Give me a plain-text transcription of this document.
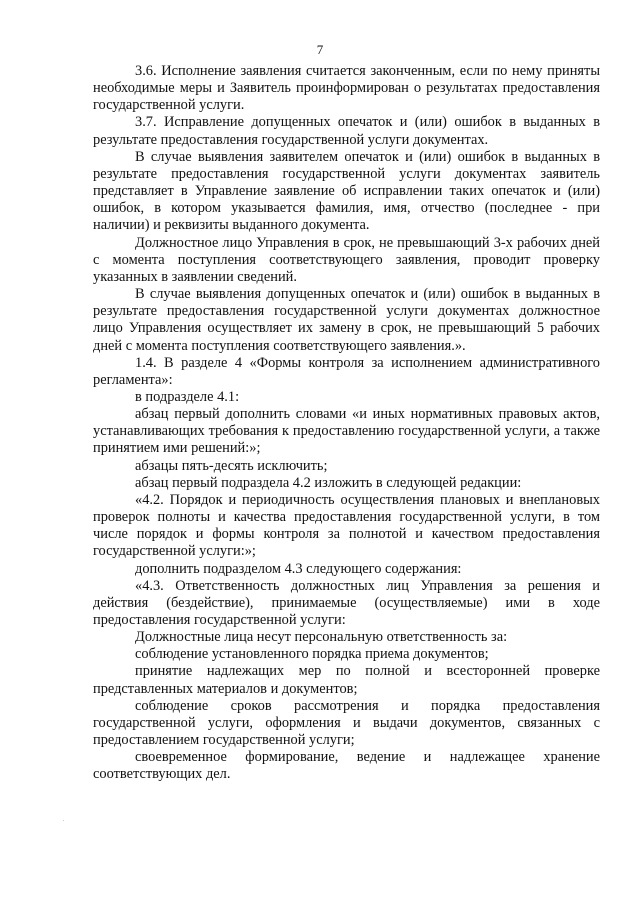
7

3.6. Исполнение заявления считается законченным, если по нему приняты необходимые меры и Заявитель проинформирован о результатах предоставления государственной услуги.

3.7. Исправление допущенных опечаток и (или) ошибок в выданных в результате предоставления государственной услуги документах.

В случае выявления заявителем опечаток и (или) ошибок в выданных в результате предоставления государственной услуги документах заявитель представляет в Управление заявление об исправлении таких опечаток и (или) ошибок, в котором указывается фамилия, имя, отчество (последнее - при наличии) и реквизиты выданного документа.

Должностное лицо Управления в срок, не превышающий 3-х рабочих дней с момента поступления соответствующего заявления, проводит проверку указанных в заявлении сведений.

В случае выявления допущенных опечаток и (или) ошибок в выданных в результате предоставления государственной услуги документах должностное лицо Управления осуществляет их замену в срок, не превышающий 5 рабочих дней с момента поступления соответствующего заявления.».

1.4. В разделе 4 «Формы контроля за исполнением административного регламента»:

в подразделе 4.1:

абзац первый дополнить словами «и иных нормативных правовых актов, устанавливающих требования к предоставлению государственной услуги, а также принятием ими решений:»;

абзацы пять-десять исключить;

абзац первый подраздела 4.2 изложить в следующей редакции:

«4.2. Порядок и периодичность осуществления плановых и внеплановых проверок полноты и качества предоставления государственной услуги, в том числе порядок и формы контроля за полнотой и качеством предоставления государственной услуги:»;

дополнить подразделом 4.3 следующего содержания:

«4.3. Ответственность должностных лиц Управления за решения и действия (бездействие), принимаемые (осуществляемые) ими в ходе предоставления государственной услуги:

Должностные лица несут персональную ответственность за:

соблюдение установленного порядка приема документов;

принятие надлежащих мер по полной и всесторонней проверке представленных материалов и документов;

соблюдение сроков рассмотрения и порядка предоставления государственной услуги, оформления и выдачи документов, связанных с предоставлением государственной услуги;

своевременное формирование, ведение и надлежащее хранение соответствующих дел.
